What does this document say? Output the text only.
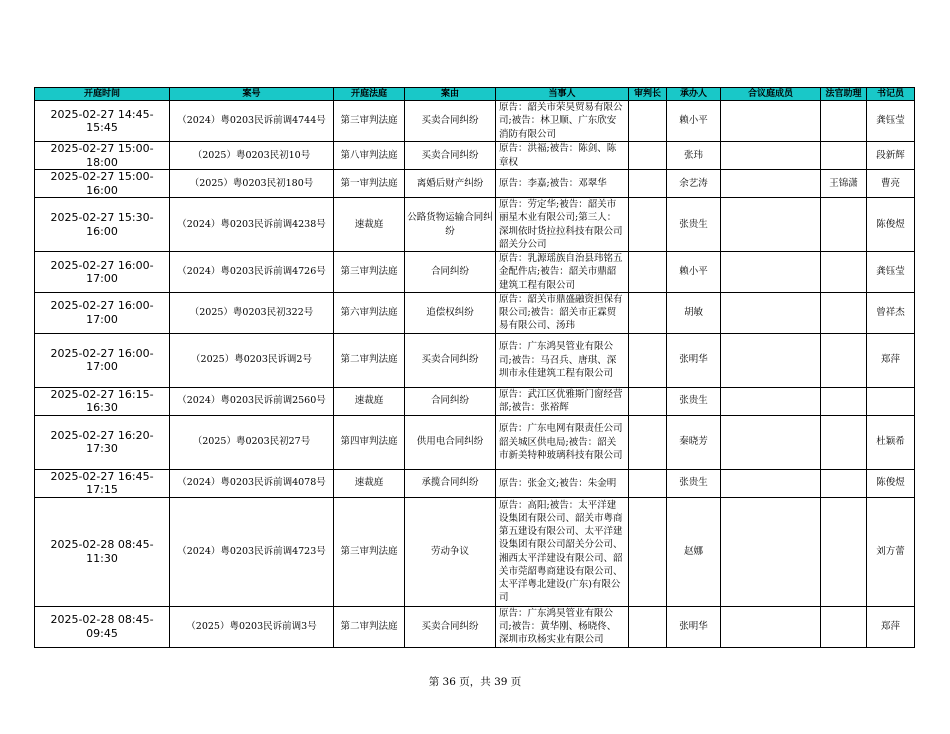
开庭时间	案号	开庭法庭	案由	当事人	审判长	承办人	合议庭成员	法官助理	书记员
2025-02-27 14:45-15:45	（2024）粤0203民诉前调4744号	第三审判法庭	买卖合同纠纷	原告：韶关市荣昊贸易有限公司;被告：林卫顺、广东欣安消防有限公司		赖小平			龚钰莹
2025-02-27 15:00-18:00	（2025）粤0203民初10号	第八审判法庭	买卖合同纠纷	原告：洪福;被告：陈剑、陈章权		张玮			段新辉
2025-02-27 15:00-16:00	（2025）粤0203民初180号	第一审判法庭	离婚后财产纠纷	原告：李嘉;被告：邓翠华		余艺涛		王锦潇	曹亮
2025-02-27 15:30-16:00	（2024）粤0203民诉前调4238号	速裁庭	公路货物运输合同纠纷	原告：劳定华;被告：韶关市丽星木业有限公司;第三人：深圳依时货拉拉科技有限公司韶关分公司		张贵生			陈俊煜
2025-02-27 16:00-17:00	（2024）粤0203民诉前调4726号	第三审判法庭	合同纠纷	原告：乳源瑶族自治县玮铭五金配件店;被告：韶关市鼎韶建筑工程有限公司		赖小平			龚钰莹
2025-02-27 16:00-17:00	（2025）粤0203民初322号	第六审判法庭	追偿权纠纷	原告：韶关市鼎盛融资担保有限公司;被告：韶关市正霖贸易有限公司、汤玮		胡敏			曾祥杰
2025-02-27 16:00-17:00	（2025）粤0203民诉调2号	第二审判法庭	买卖合同纠纷	原告：广东鸿昊管业有限公司;被告：马召兵、唐琪、深圳市永佳建筑工程有限公司		张明华			郑萍
2025-02-27 16:15-16:30	（2024）粤0203民诉前调2560号	速裁庭	合同纠纷	原告：武江区优雅斯门窗经营部;被告：张裕辉		张贵生			
2025-02-27 16:20-17:30	（2025）粤0203民初27号	第四审判法庭	供用电合同纠纷	原告：广东电网有限责任公司韶关城区供电局;被告：韶关市新美特种玻璃科技有限公司		秦晓芳			杜颖希
2025-02-27 16:45-17:15	（2024）粤0203民诉前调4078号	速裁庭	承揽合同纠纷	原告：张金文;被告：朱金明		张贵生			陈俊煜
2025-02-28 08:45-11:30	（2024）粤0203民诉前调4723号	第三审判法庭	劳动争议	原告：高阳;被告：太平洋建设集团有限公司、韶关市粤商第五建设有限公司、太平洋建设集团有限公司韶关分公司、湘西太平洋建设有限公司、韶关市莞韶粤商建设有限公司、太平洋粤北建设(广东)有限公司		赵娜			刘方蕾
2025-02-28 08:45-09:45	（2025）粤0203民诉前调3号	第二审判法庭	买卖合同纠纷	原告：广东鸿昊管业有限公司;被告：黄华刚、杨晓佟、深圳市玖杨实业有限公司		张明华			郑萍
第 36 页，共 39 页
